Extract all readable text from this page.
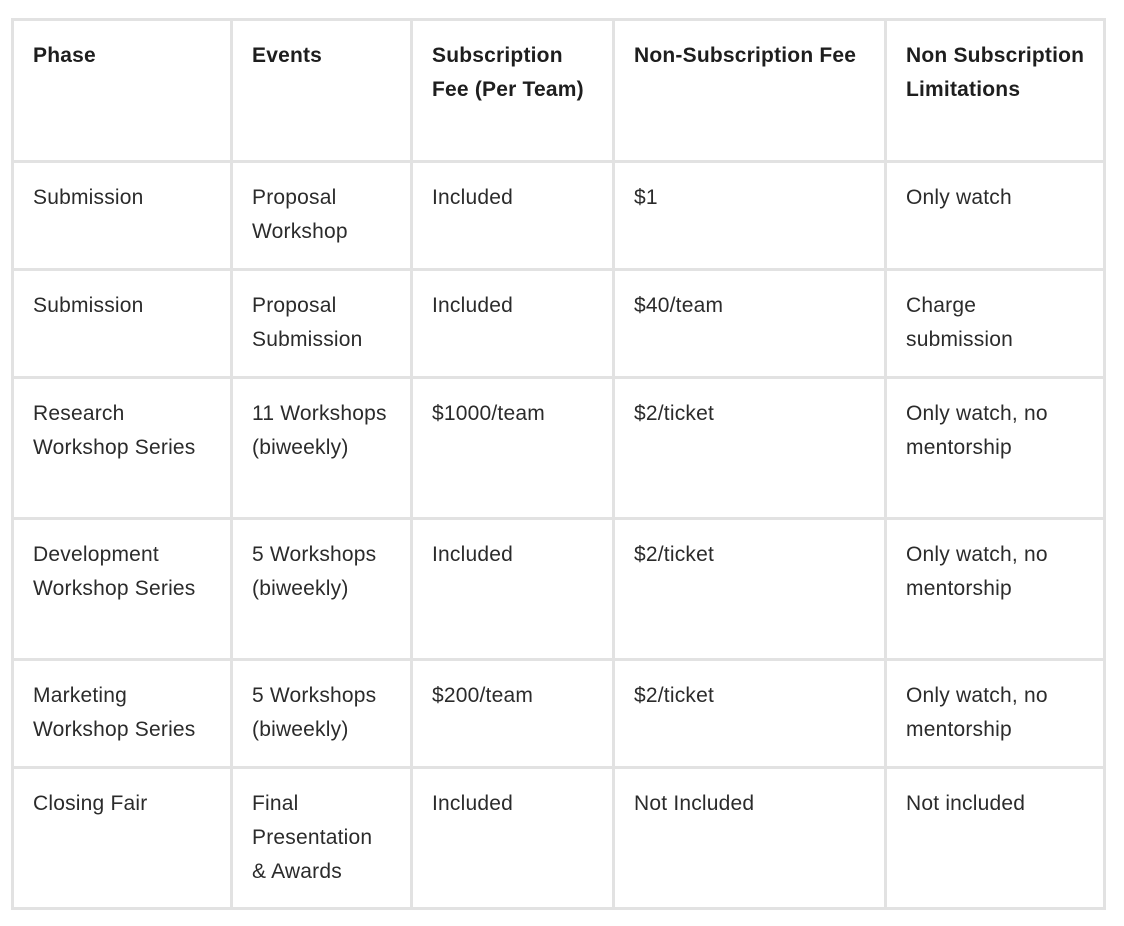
Phase	Events	Subscription Fee (Per Team)	Non-Subscription Fee	Non Subscription Limitations
Submission	Proposal Workshop	Included	$1	Only watch
Submission	Proposal Submission	Included	$40/team	Charge submission
Research Workshop Series	11 Workshops (biweekly)	$1000/team	$2/ticket	Only watch, no mentorship
Development Workshop Series	5 Workshops (biweekly)	Included	$2/ticket	Only watch, no mentorship
Marketing Workshop Series	5 Workshops (biweekly)	$200/team	$2/ticket	Only watch, no mentorship
Closing Fair	Final Presentation & Awards	Included	Not Included	Not included
